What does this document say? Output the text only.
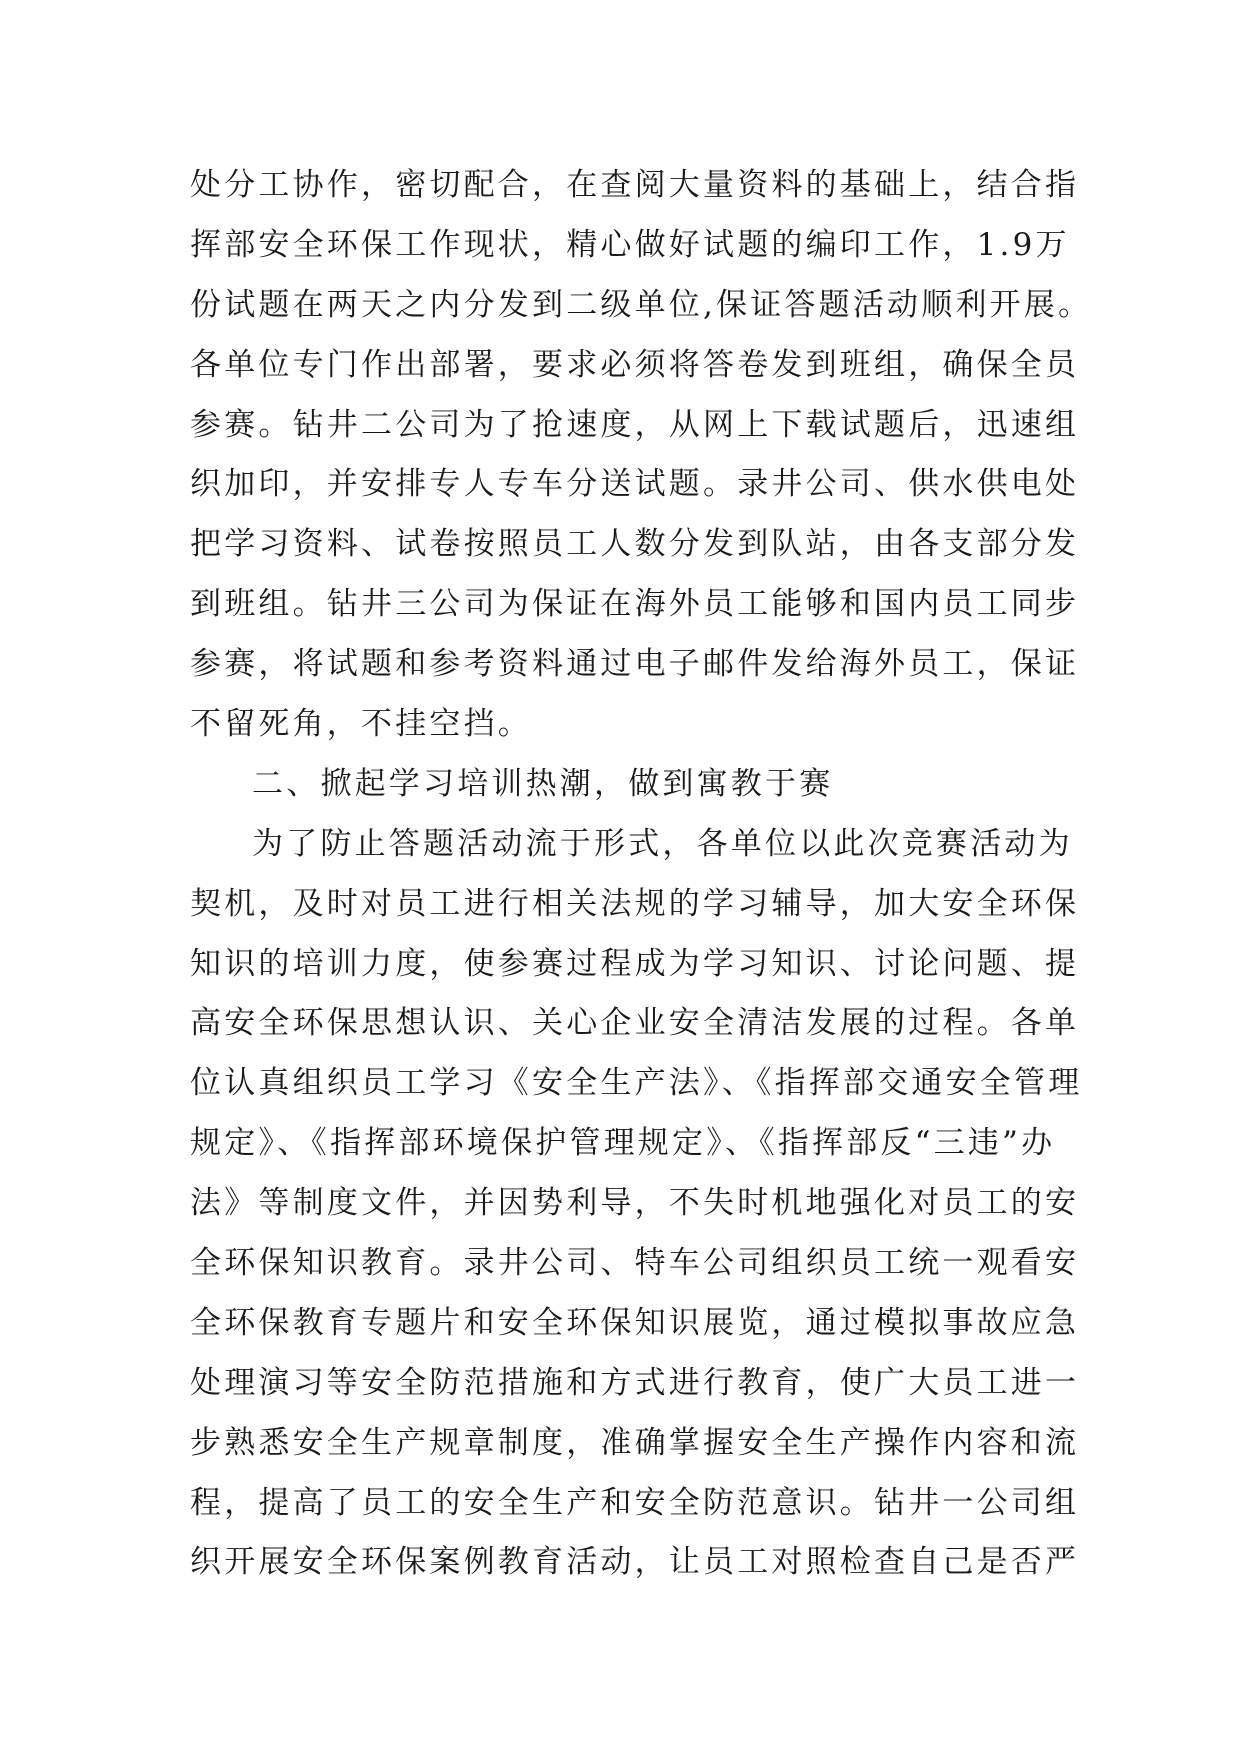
处分工协作，密切配合，在查阅大量资料的基础上，结合指
挥部安全环保工作现状，精心做好试题的编印工作，1.9万
份试题在两天之内分发到二级单位,保证答题活动顺利开展。
各单位专门作出部署，要求必须将答卷发到班组，确保全员
参赛。钻井二公司为了抢速度，从网上下载试题后，迅速组
织加印，并安排专人专车分送试题。录井公司、供水供电处
把学习资料、试卷按照员工人数分发到队站，由各支部分发
到班组。钻井三公司为保证在海外员工能够和国内员工同步
参赛，将试题和参考资料通过电子邮件发给海外员工，保证
不留死角，不挂空挡。
二、掀起学习培训热潮，做到寓教于赛
为了防止答题活动流于形式，各单位以此次竞赛活动为
契机，及时对员工进行相关法规的学习辅导，加大安全环保
知识的培训力度，使参赛过程成为学习知识、讨论问题、提
高安全环保思想认识、关心企业安全清洁发展的过程。各单
位认真组织员工学习《安全生产法》、《指挥部交通安全管理
规定》、《指挥部环境保护管理规定》、《指挥部反“三违”办
法》等制度文件，并因势利导，不失时机地强化对员工的安
全环保知识教育。录井公司、特车公司组织员工统一观看安
全环保教育专题片和安全环保知识展览，通过模拟事故应急
处理演习等安全防范措施和方式进行教育，使广大员工进一
步熟悉安全生产规章制度，准确掌握安全生产操作内容和流
程，提高了员工的安全生产和安全防范意识。钻井一公司组
织开展安全环保案例教育活动，让员工对照检查自己是否严
